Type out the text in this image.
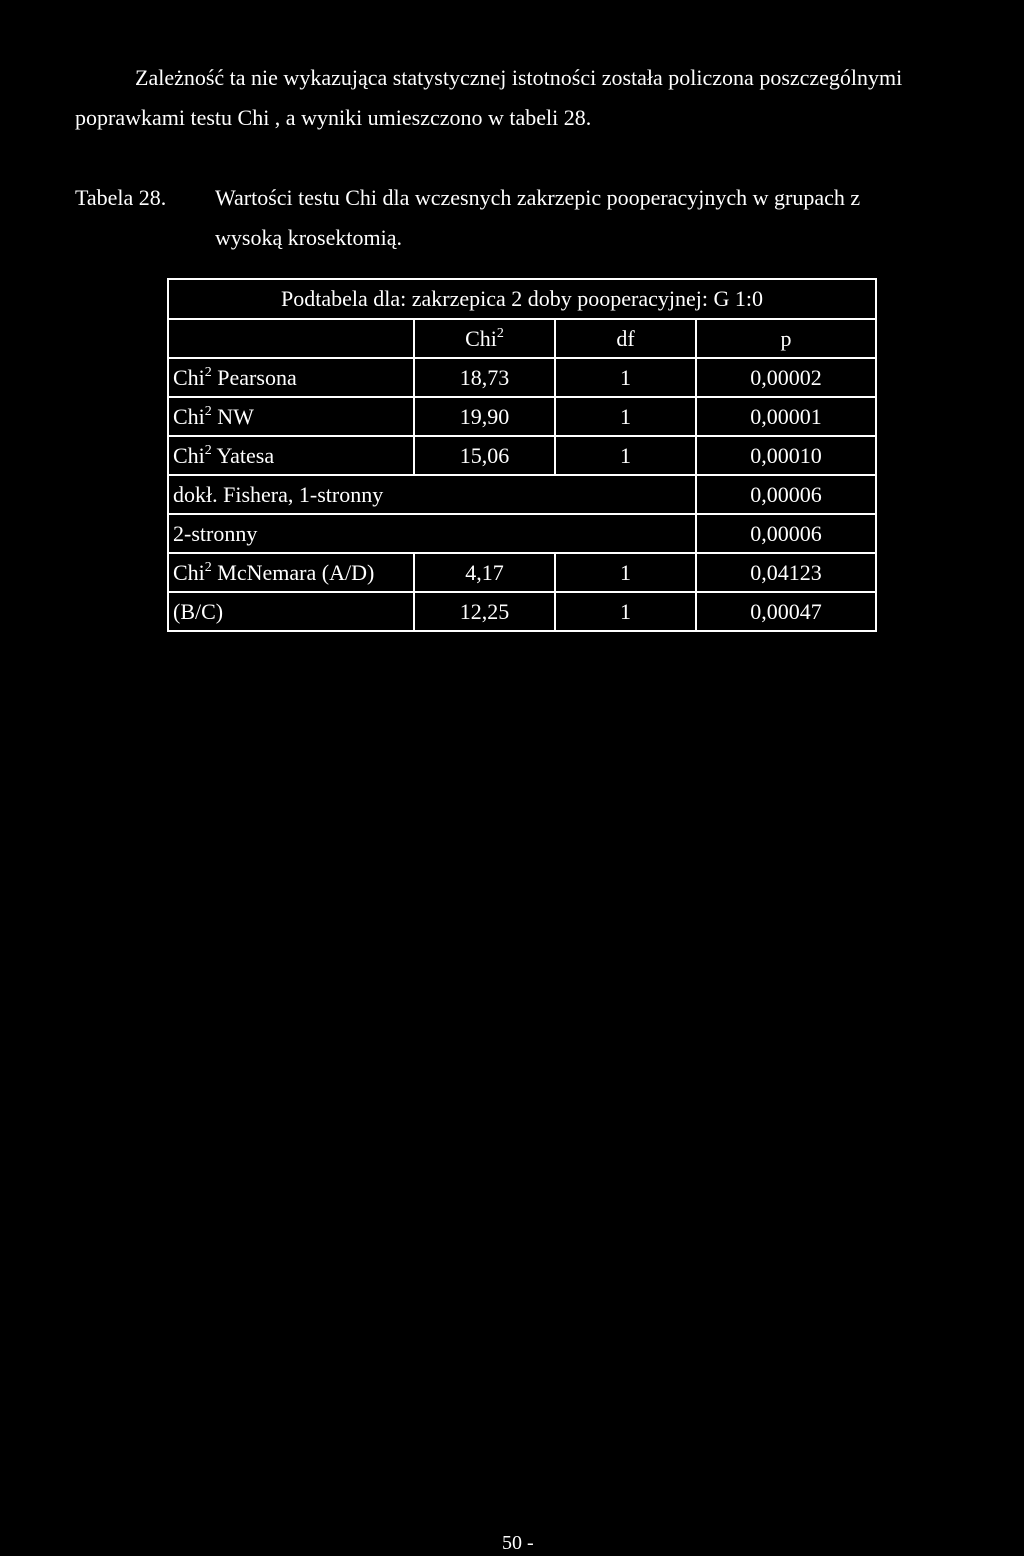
Zależność ta nie wykazująca statystycznej istotności została policzona poszczególnymi
poprawkami testu Chi , a wyniki umieszczono w tabeli 28.
Tabela 28. Wartości testu Chi dla wczesnych zakrzepic pooperacyjnych w grupach z
wysoką krosektomią.
Podtabela dla: zakrzepica 2 doby pooperacyjnej: G 1:0			
	Chi$^2$	df	p
Chi$^2$ Pearsona	18,73	1	0,00002
Chi$^2$ NW	19,90	1	0,00001
Chi$^2$ Yatesa	15,06	1	0,00010
dokł. Fishera, 1-stronny			0,00006
2-stronny			0,00006
Chi$^2$ McNemara (A/D)	4,17	1	0,04123
(B/C)	12,25	1	0,00047
50 -
